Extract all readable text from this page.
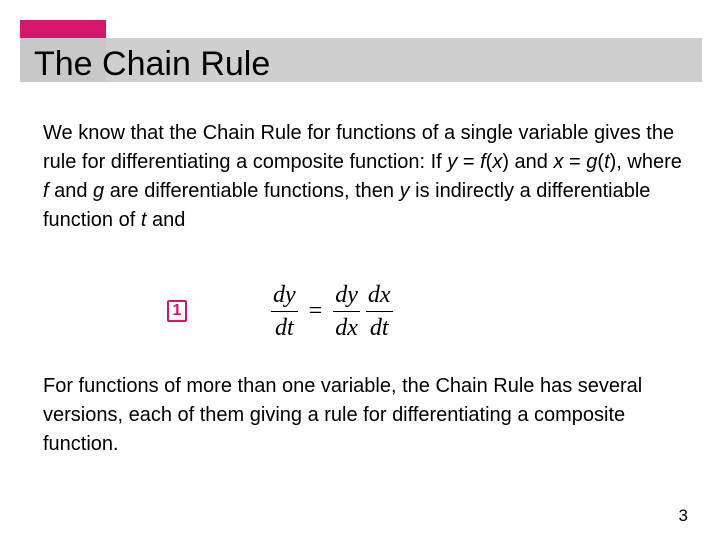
The Chain Rule

We know that the Chain Rule for functions of a single variable gives the rule for differentiating a composite function: If y = f(x) and x = g(t), where f and g are differentiable functions, then y is indirectly a differentiable function of t and

1	$\frac{dy}{dt} = \frac{dy}{dx} \frac{dx}{dt}$

For functions of more than one variable, the Chain Rule has several versions, each of them giving a rule for differentiating a composite function.

3
